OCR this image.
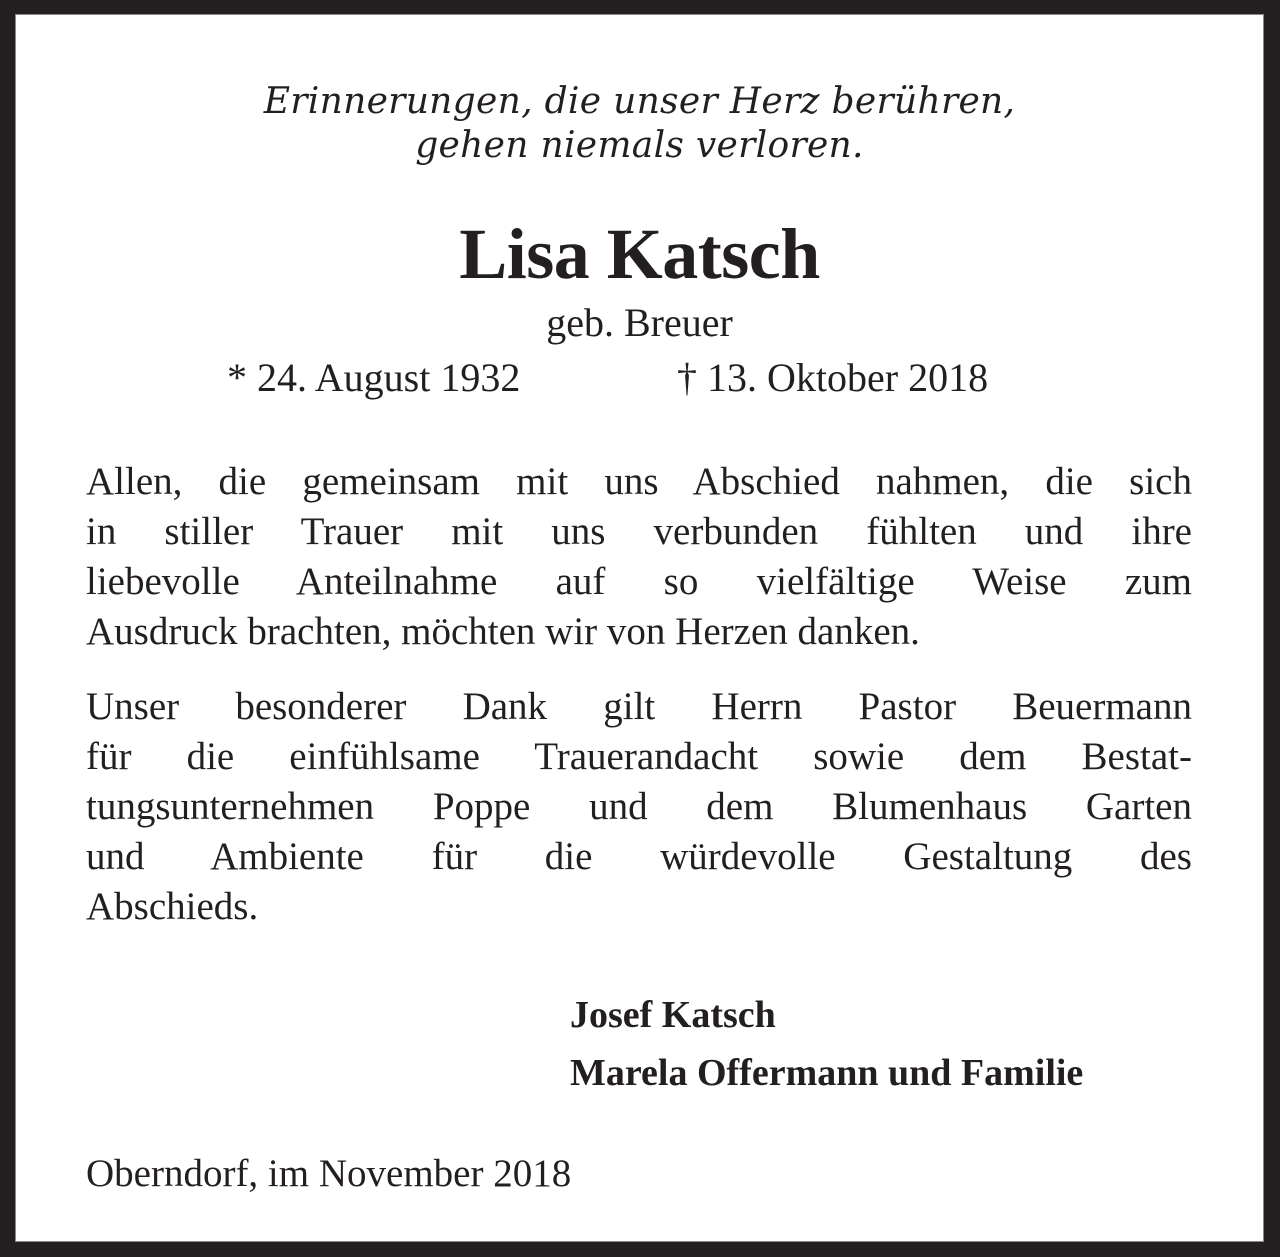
Erinnerungen, die unser Herz berühren,
gehen niemals verloren.
Lisa Katsch
geb. Breuer
* 24. August 1932	† 13. Oktober 2018
Allen, die gemeinsam mit uns Abschied nahmen, die sich
in stiller Trauer mit uns verbunden fühlten und ihre
liebevolle Anteilnahme auf so vielfältige Weise zum
Ausdruck brachten, möchten wir von Herzen danken.
Unser besonderer Dank gilt Herrn Pastor Beuermann
für die einfühlsame Trauerandacht sowie dem Bestat-
tungsunternehmen Poppe und dem Blumenhaus Garten
und Ambiente für die würdevolle Gestaltung des
Abschieds.
Josef Katsch
Marela Offermann und Familie
Oberndorf, im November 2018
